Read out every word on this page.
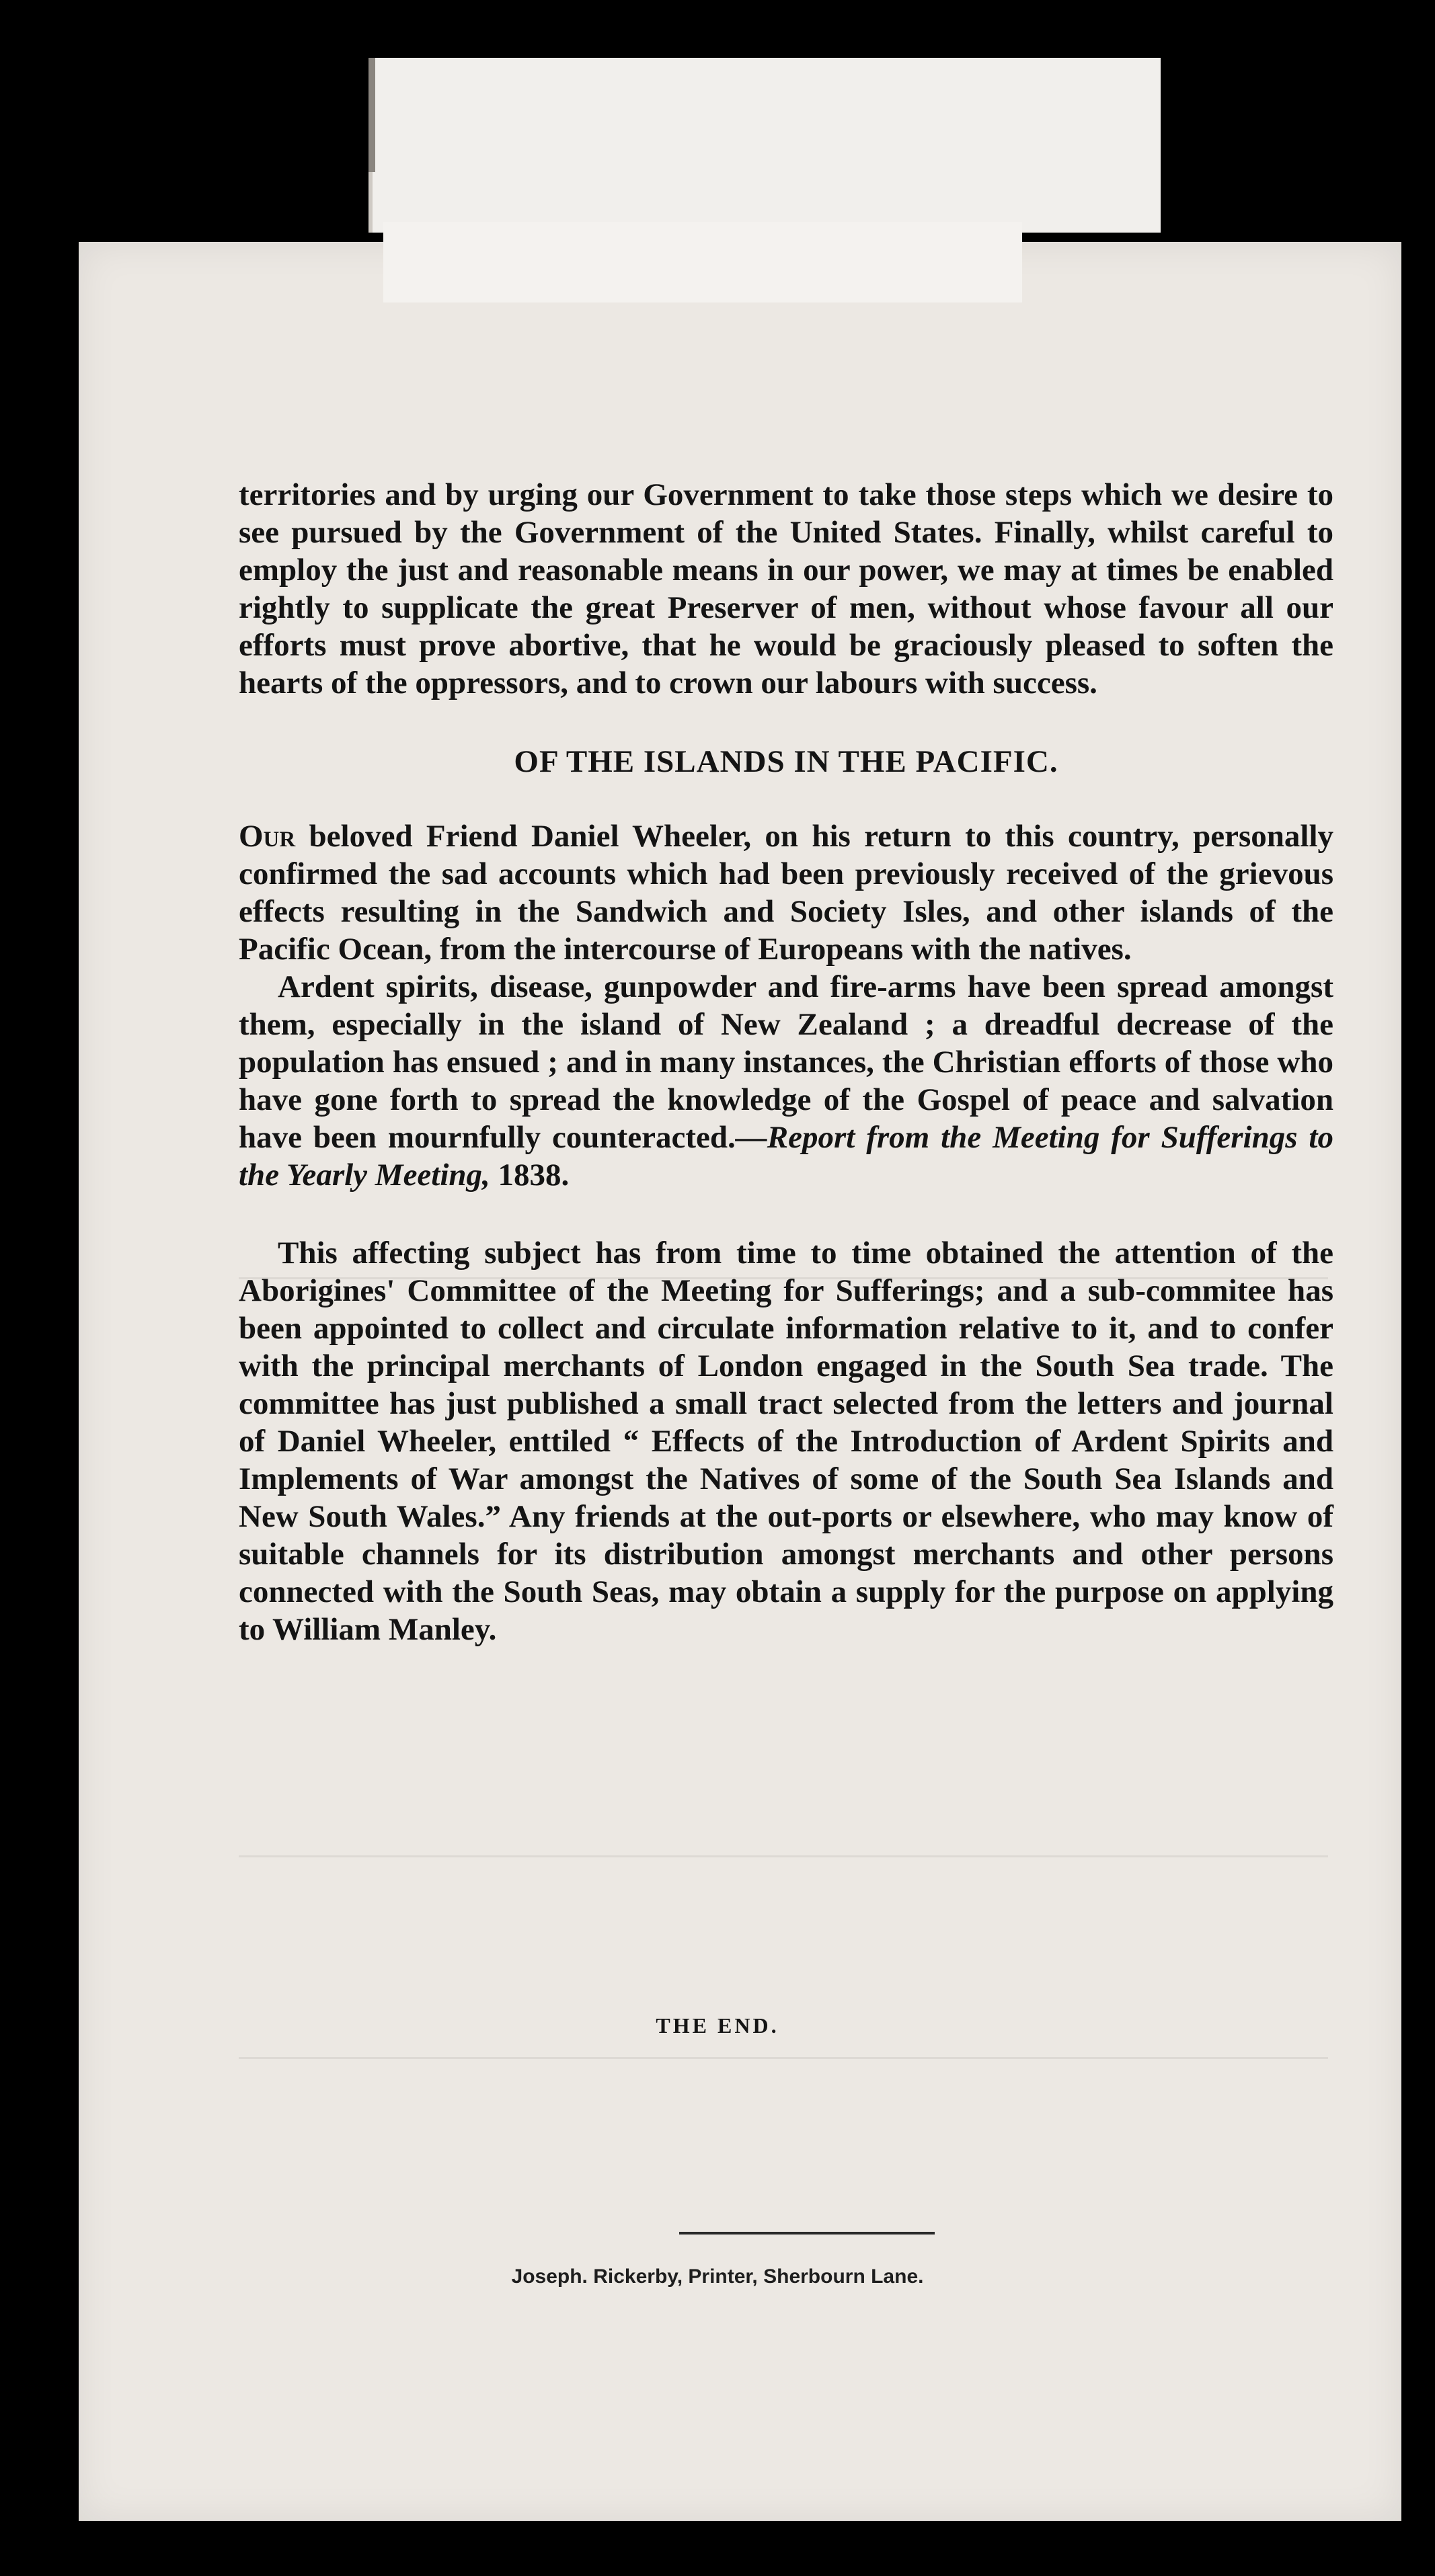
territories and by urging our Government to take those steps which we desire to see pursued by the Government of the United States. Finally, whilst careful to employ the just and reasonable means in our power, we may at times be enabled rightly to supplicate the great Preserver of men, without whose favour all our efforts must prove abortive, that he would be graciously pleased to soften the hearts of the oppressors, and to crown our labours with success.

OF THE ISLANDS IN THE PACIFIC.

Our beloved Friend Daniel Wheeler, on his return to this country, personally confirmed the sad accounts which had been previously received of the grievous effects resulting in the Sandwich and Society Isles, and other islands of the Pacific Ocean, from the intercourse of Europeans with the natives.

Ardent spirits, disease, gunpowder and fire-arms have been spread amongst them, especially in the island of New Zealand ; a dreadful decrease of the population has ensued ; and in many instances, the Christian efforts of those who have gone forth to spread the knowledge of the Gospel of peace and salvation have been mournfully counteracted.—Report from the Meeting for Sufferings to the Yearly Meeting, 1838.

This affecting subject has from time to time obtained the attention of the Aborigines' Committee of the Meeting for Sufferings; and a sub-commitee has been appointed to collect and circulate information relative to it, and to confer with the principal merchants of London engaged in the South Sea trade. The committee has just published a small tract selected from the letters and journal of Daniel Wheeler, enttiled “ Effects of the Introduction of Ardent Spirits and Implements of War amongst the Natives of some of the South Sea Islands and New South Wales.” Any friends at the out-ports or elsewhere, who may know of suitable channels for its distribution amongst merchants and other persons connected with the South Seas, may obtain a supply for the purpose on applying to William Manley.

THE END.
Joseph. Rickerby, Printer, Sherbourn Lane.
